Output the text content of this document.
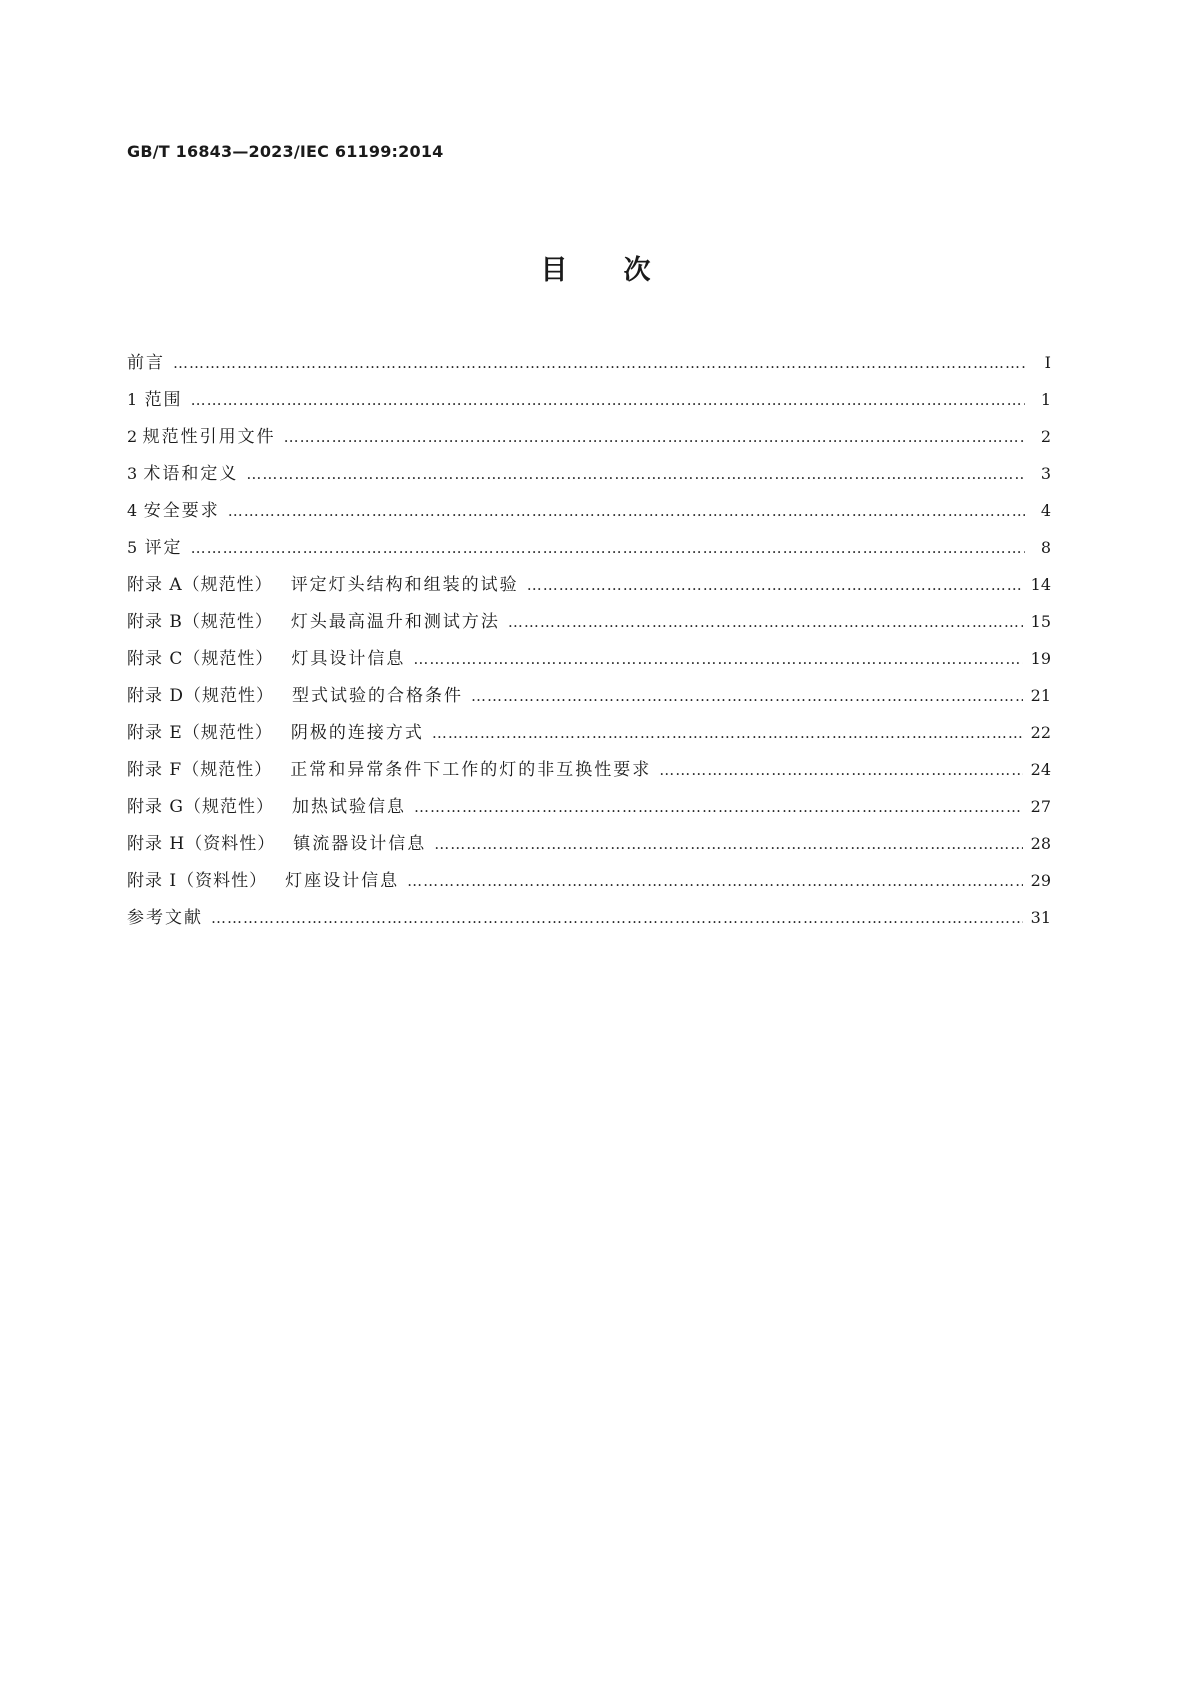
GB/T 16843—2023/IEC 61199:2014
目次
前言 ……………………………………………………………………………………………………………………………………………………………………………………………………………………………………………………………	Ⅰ
1 范围 ……………………………………………………………………………………………………………………………………………………………………………………………………………………………………………………………	1
2 规范性引用文件 ……………………………………………………………………………………………………………………………………………………………………………………………………………………………………………………………	2
3 术语和定义 ……………………………………………………………………………………………………………………………………………………………………………………………………………………………………………………………	3
4 安全要求 ……………………………………………………………………………………………………………………………………………………………………………………………………………………………………………………………	4
5 评定 ……………………………………………………………………………………………………………………………………………………………………………………………………………………………………………………………	8
附录 A（规范性） 评定灯头结构和组装的试验 ……………………………………………………………………………………………………………………………………………………………………………………………………………………………………………………………	14
附录 B（规范性） 灯头最高温升和测试方法 ……………………………………………………………………………………………………………………………………………………………………………………………………………………………………………………………	15
附录 C（规范性） 灯具设计信息 ……………………………………………………………………………………………………………………………………………………………………………………………………………………………………………………………	19
附录 D（规范性） 型式试验的合格条件 ……………………………………………………………………………………………………………………………………………………………………………………………………………………………………………………………	21
附录 E（规范性） 阴极的连接方式 ……………………………………………………………………………………………………………………………………………………………………………………………………………………………………………………………	22
附录 F（规范性） 正常和异常条件下工作的灯的非互换性要求 ……………………………………………………………………………………………………………………………………………………………………………………………………………………………………………………………	24
附录 G（规范性） 加热试验信息 ……………………………………………………………………………………………………………………………………………………………………………………………………………………………………………………………	27
附录 H（资料性） 镇流器设计信息 ……………………………………………………………………………………………………………………………………………………………………………………………………………………………………………………………	28
附录 I（资料性） 灯座设计信息 ……………………………………………………………………………………………………………………………………………………………………………………………………………………………………………………………	29
参考文献 ……………………………………………………………………………………………………………………………………………………………………………………………………………………………………………………………	31
